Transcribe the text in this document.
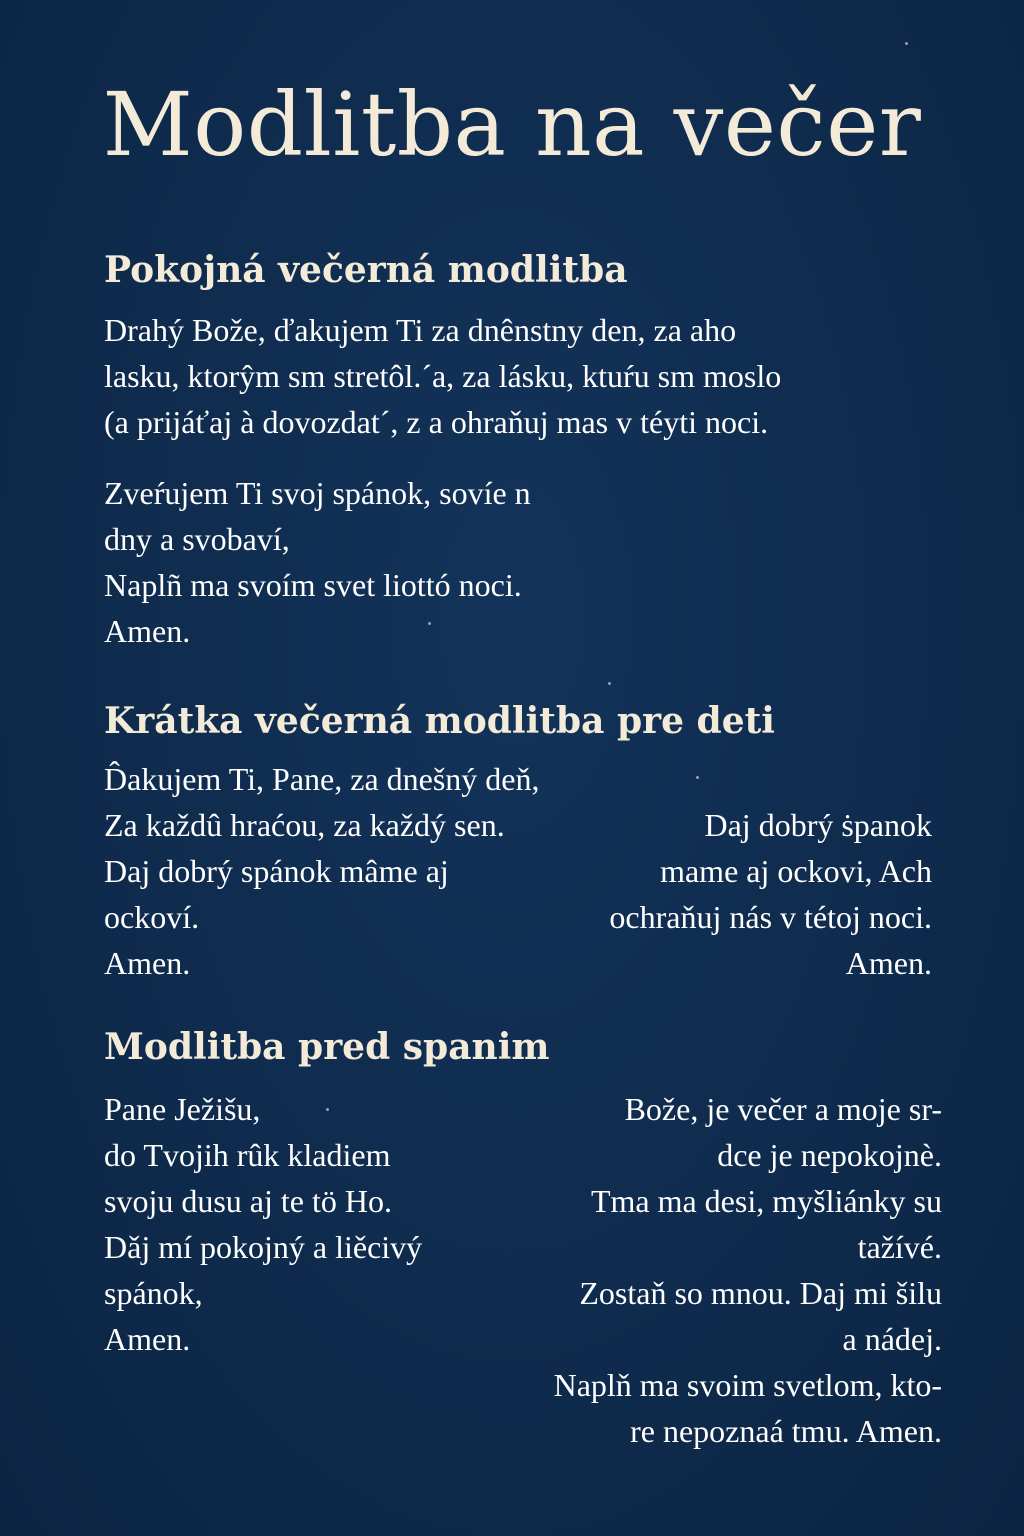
Modlitba na večer
Pokojná večerná modlitba
Drahý Bože, ďakujem Ti za dnênstny den, za aho
lasku, ktorŷm sm stretôl.´a, za lásku, ktuŕu sm moslo
(a prijáťaj à dovozdat´, z a ohraňuj mas v téyti noci.
Zveŕujem Ti svoj spánok, sovíe n
dny a svobaví,
Naplñ ma svoím svet liottó noci.
Amen.
Krátka večerná modlitba pre deti
D̂akujem Ti, Pane, za dnešný deň,
Za každû hraćou, za každý sen.
Daj dobrý spánok mâme aj
ockoví.
Amen.
Daj dobrý ṡpanok
mame aj ockovi, Ach
ochraňuj nás v tétoj noci.
Amen.
Modlitba pred spanim
Pane Ježišu,
do Tvojih rûk kladiem
svoju dusu aj te tö Ho.
Dǎj mí pokojný a liěcivý
spánok,
Amen.
Bože, je večer a moje sr-
dce je nepokojnè.
Tma ma desi, myšliánky su
tažívé.
Zostaň so mnou. Daj mi šilu
a nádej.
Naplň ma svoim svetlom, kto-
re nepoznaá tmu. Amen.
